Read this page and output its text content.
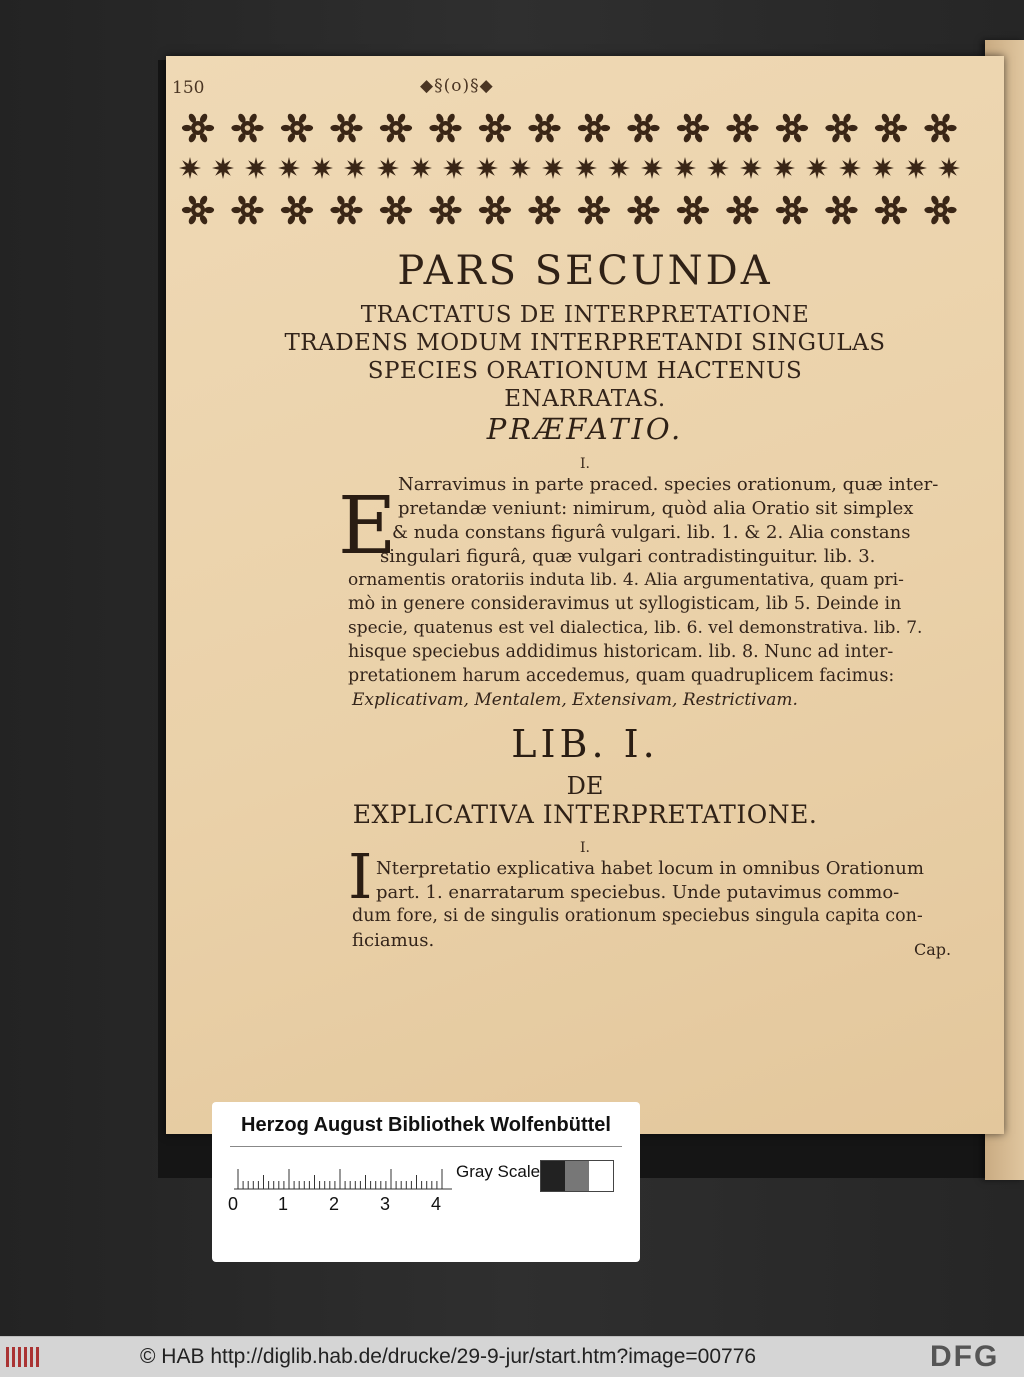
150	◆§(o)§◆
PARS SECUNDA
TRACTATUS DE INTERPRETATIONE
TRADENS MODUM INTERPRETANDI SINGULAS
SPECIES ORATIONUM HACTENUS
ENARRATAS.
PRÆFATIO.
I.
E Narravimus in parte praced. species orationum, quæ inter-
pretandæ veniunt: nimirum, quòd alia Oratio sit simplex
& nuda constans figurâ vulgari. lib. 1. & 2. Alia constans
singulari figurâ, quæ vulgari contradistinguitur. lib. 3.
ornamentis oratoriis induta lib. 4. Alia argumentativa, quam pri-
mò in genere consideravimus ut syllogisticam, lib 5. Deinde in
specie, quatenus est vel dialectica, lib. 6. vel demonstrativa. lib. 7.
hisque speciebus addidimus historicam. lib. 8. Nunc ad inter-
pretationem harum accedemus, quam quadruplicem facimus:
Explicativam, Mentalem, Extensivam, Restrictivam.
LIB. I.
DE
EXPLICATIVA INTERPRETATIONE.
I.
I Nterpretatio explicativa habet locum in omnibus Orationum
part. 1. enarratarum speciebus. Unde putavimus commo-
dum fore, si de singulis orationum speciebus singula capita con-
ficiamus.	Cap.
Herzog August Bibliothek Wolfenbüttel
0 1 2 3 4
Gray Scale
© HAB http://diglib.hab.de/drucke/29-9-jur/start.htm?image=00776	DFG
